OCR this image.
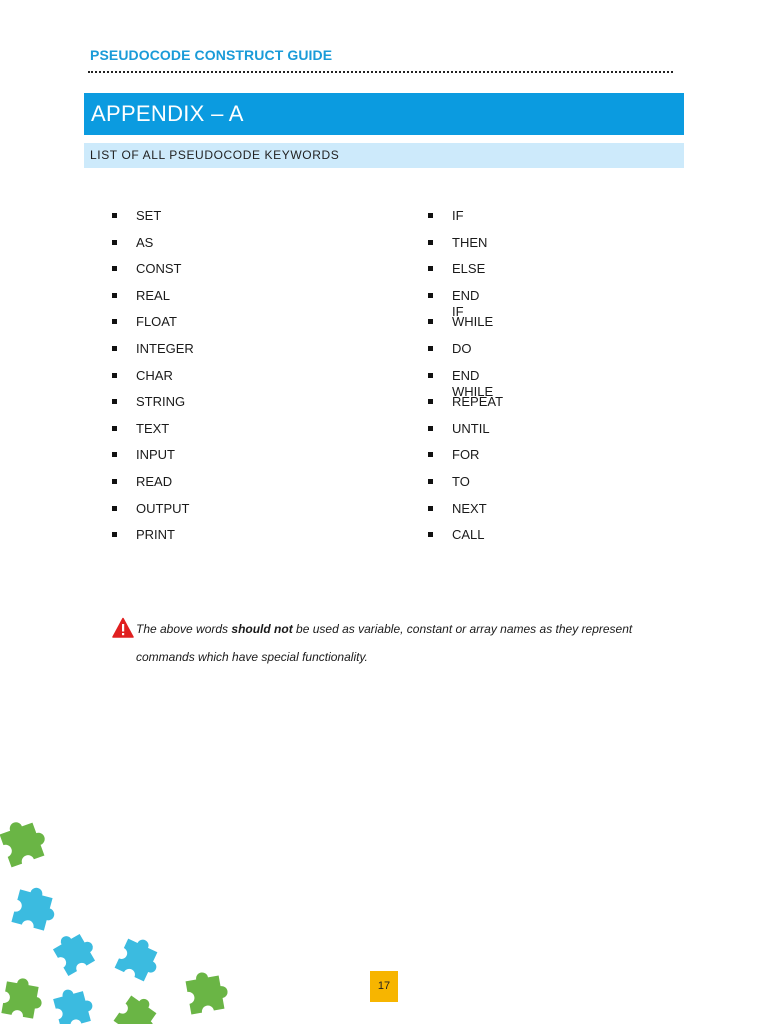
PSEUDOCODE CONSTRUCT GUIDE
APPENDIX – A
LIST OF ALL PSEUDOCODE KEYWORDS
SET
AS
CONST
REAL
FLOAT
INTEGER
CHAR
STRING
TEXT
INPUT
READ
OUTPUT
PRINT
IF
THEN
ELSE
END IF
WHILE
DO
END WHILE
REPEAT
UNTIL
FOR
TO
NEXT
CALL
The above words should not be used as variable, constant or array names as they represent
commands which have special functionality.
17
